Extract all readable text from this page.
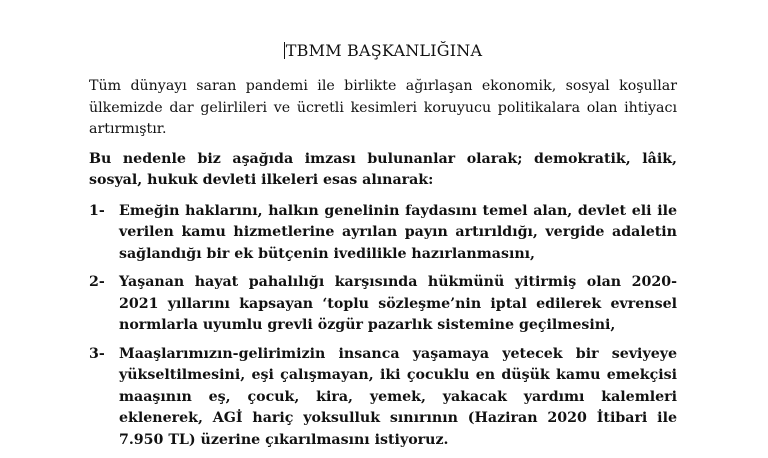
TBMM BAŞKANLIĞINA

Tüm dünyayı saran pandemi ile birlikte ağırlaşan ekonomik, sosyal koşullar ülkemizde dar gelirlileri ve ücretli kesimleri koruyucu politikalara olan ihtiyacı artırmıştır.

Bu nedenle biz aşağıda imzası bulunanlar olarak; demokratik, lâik, sosyal, hukuk devleti ilkeleri esas alınarak:

1-	Emeğin haklarını, halkın genelinin faydasını temel alan, devlet eli ile verilen kamu hizmetlerine ayrılan payın artırıldığı, vergide adaletin sağlandığı bir ek bütçenin ivedilikle hazırlanmasını,
2-	Yaşanan hayat pahalılığı karşısında hükmünü yitirmiş olan 2020-2021 yıllarını kapsayan ‘toplu sözleşme’nin iptal edilerek evrensel normlarla uyumlu grevli özgür pazarlık sistemine geçilmesini,
3-	Maaşlarımızın-gelirimizin insanca yaşamaya yetecek bir seviyeye yükseltilmesini, eşi çalışmayan, iki çocuklu en düşük kamu emekçisi maaşının eş, çocuk, kira, yemek, yakacak yardımı kalemleri eklenerek, AGİ hariç yoksulluk sınırının (Haziran 2020 İtibari ile 7.950 TL) üzerine çıkarılmasını istiyoruz.
